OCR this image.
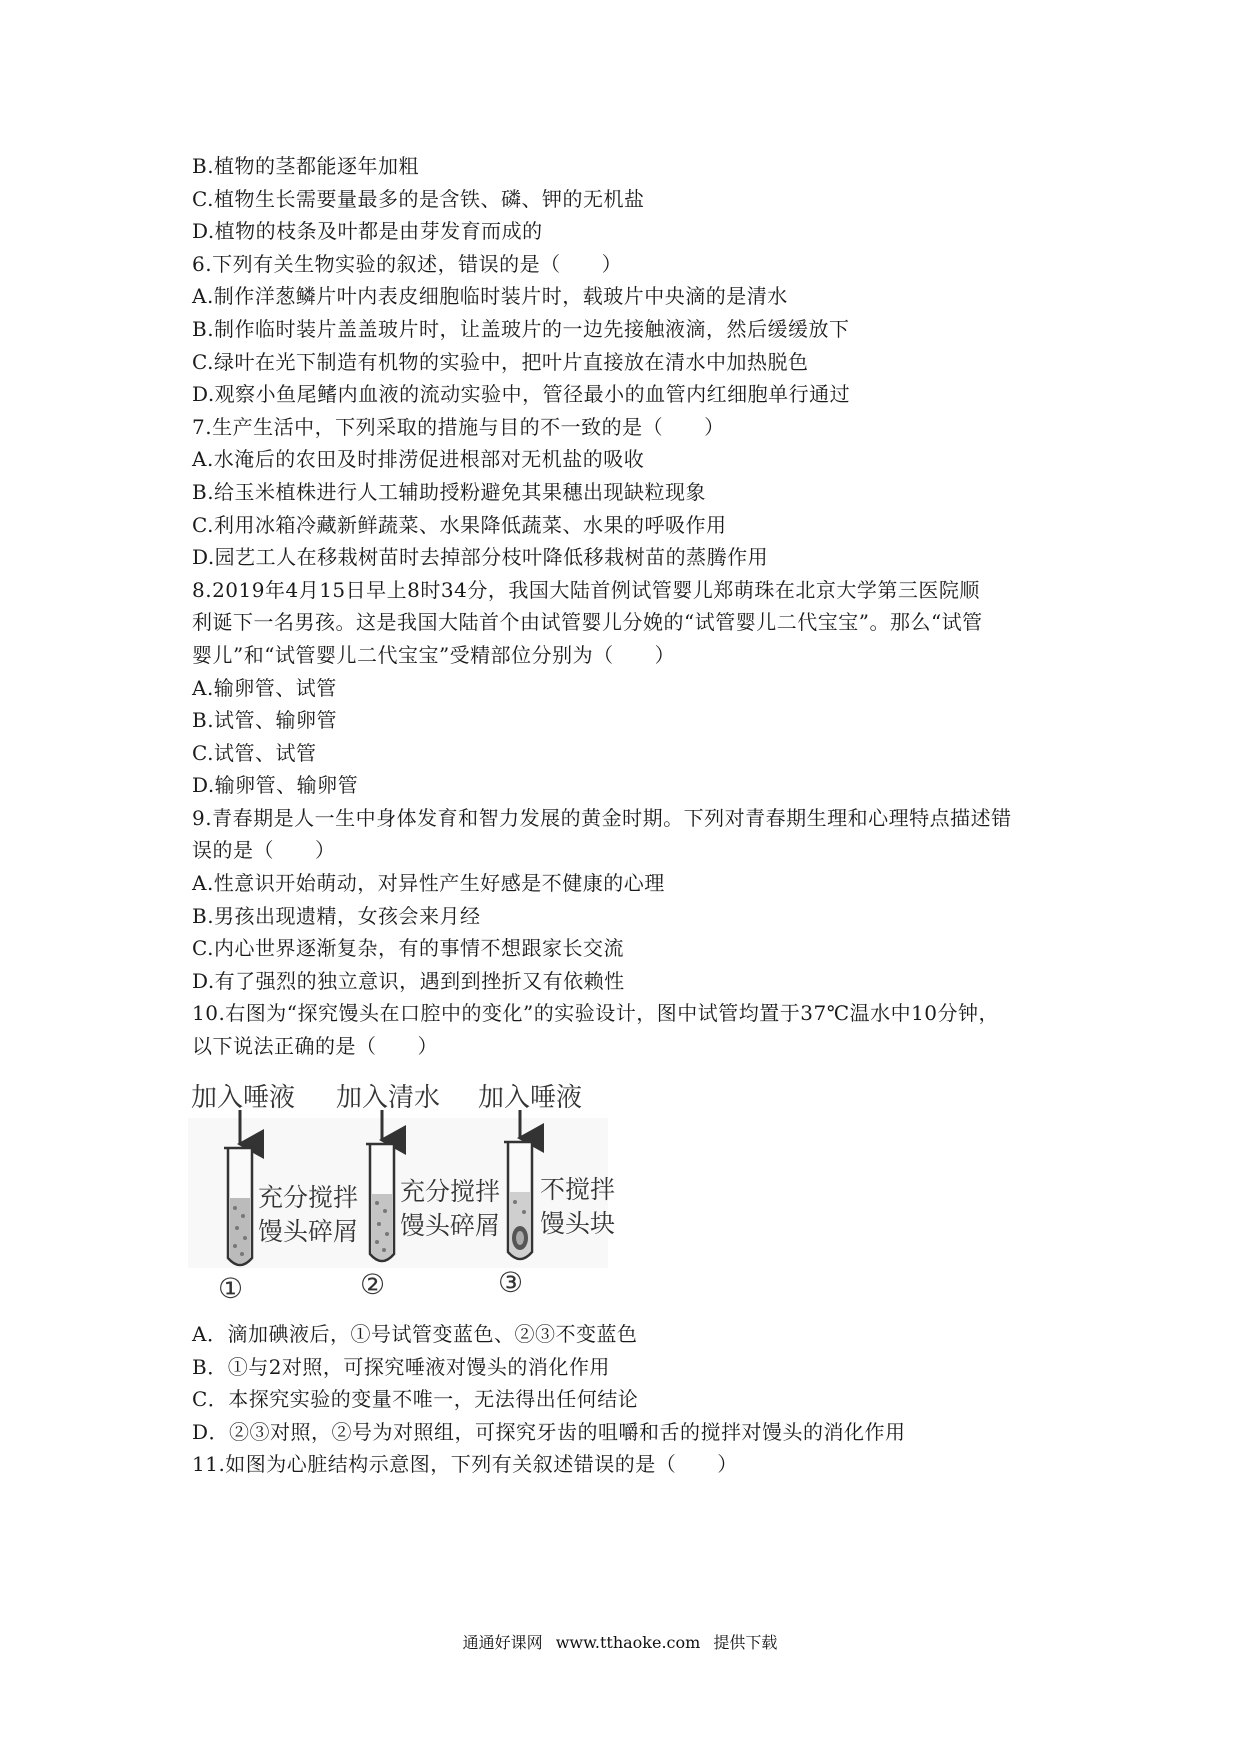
B.植物的茎都能逐年加粗
C.植物生长需要量最多的是含铁、磷、钾的无机盐
D.植物的枝条及叶都是由芽发育而成的
6.下列有关生物实验的叙述，错误的是（　　）
A.制作洋葱鳞片叶内表皮细胞临时装片时，载玻片中央滴的是清水
B.制作临时装片盖盖玻片时，让盖玻片的一边先接触液滴，然后缓缓放下
C.绿叶在光下制造有机物的实验中，把叶片直接放在清水中加热脱色
D.观察小鱼尾鳍内血液的流动实验中，管径最小的血管内红细胞单行通过
7.生产生活中，下列采取的措施与目的不一致的是（　　）
A.水淹后的农田及时排涝促进根部对无机盐的吸收
B.给玉米植株进行人工辅助授粉避免其果穗出现缺粒现象
C.利用冰箱冷藏新鲜蔬菜、水果降低蔬菜、水果的呼吸作用
D.园艺工人在移栽树苗时去掉部分枝叶降低移栽树苗的蒸腾作用
8.2019年4月15日早上8时34分，我国大陆首例试管婴儿郑萌珠在北京大学第三医院顺
利诞下一名男孩。这是我国大陆首个由试管婴儿分娩的“试管婴儿二代宝宝”。那么“试管
婴儿”和“试管婴儿二代宝宝”受精部位分别为（　　）
A.输卵管、试管
B.试管、输卵管
C.试管、试管
D.输卵管、输卵管
9.青春期是人一生中身体发育和智力发展的黄金时期。下列对青春期生理和心理特点描述错
误的是（　　）
A.性意识开始萌动，对异性产生好感是不健康的心理
B.男孩出现遗精，女孩会来月经
C.内心世界逐渐复杂，有的事情不想跟家长交流
D.有了强烈的独立意识，遇到到挫折又有依赖性
10.右图为“探究馒头在口腔中的变化”的实验设计，图中试管均置于37℃温水中10分钟，
以下说法正确的是（　　）
加入唾液
充分搅拌
馒头碎屑
①
加入清水
充分搅拌
馒头碎屑
②
加入唾液
不搅拌
馒头块
③
A．滴加碘液后，①号试管变蓝色、②③不变蓝色
B．①与2对照，可探究唾液对馒头的消化作用
C．本探究实验的变量不唯一，无法得出任何结论
D．②③对照，②号为对照组，可探究牙齿的咀嚼和舌的搅拌对馒头的消化作用
11.如图为心脏结构示意图，下列有关叙述错误的是（　　）
通通好课网 www.tthaoke.com 提供下载
